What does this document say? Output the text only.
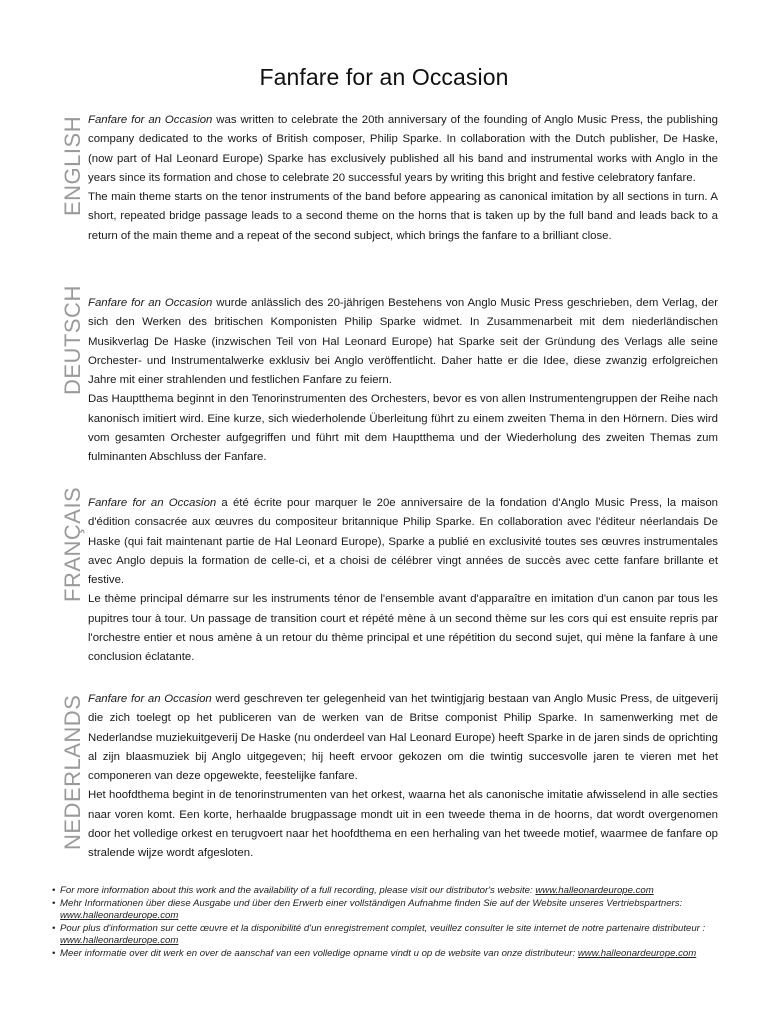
Fanfare for an Occasion
ENGLISH Fanfare for an Occasion was written to celebrate the 20th anniversary of the founding of Anglo Music Press, the publishing company dedicated to the works of British composer, Philip Sparke. In collaboration with the Dutch publisher, De Haske, (now part of Hal Leonard Europe) Sparke has exclusively published all his band and instrumental works with Anglo in the years since its formation and chose to celebrate 20 successful years by writing this bright and festive celebratory fanfare.

The main theme starts on the tenor instruments of the band before appearing as canonical imitation by all sections in turn. A short, repeated bridge passage leads to a second theme on the horns that is taken up by the full band and leads back to a return of the main theme and a repeat of the second subject, which brings the fanfare to a brilliant close.

DEUTSCH Fanfare for an Occasion wurde anlässlich des 20-jährigen Bestehens von Anglo Music Press geschrieben, dem Verlag, der sich den Werken des britischen Komponisten Philip Sparke widmet. In Zusammenarbeit mit dem niederländischen Musikverlag De Haske (inzwischen Teil von Hal Leonard Europe) hat Sparke seit der Gründung des Verlags alle seine Orchester- und Instrumentalwerke exklusiv bei Anglo veröffentlicht. Daher hatte er die Idee, diese zwanzig erfolgreichen Jahre mit einer strahlenden und festlichen Fanfare zu feiern.

Das Hauptthema beginnt in den Tenorinstrumenten des Orchesters, bevor es von allen Instrumentengruppen der Reihe nach kanonisch imitiert wird. Eine kurze, sich wiederholende Überleitung führt zu einem zweiten Thema in den Hörnern. Dies wird vom gesamten Orchester aufgegriffen und führt mit dem Hauptthema und der Wiederholung des zweiten Themas zum fulminanten Abschluss der Fanfare.

FRANÇAIS Fanfare for an Occasion a été écrite pour marquer le 20e anniversaire de la fondation d'Anglo Music Press, la maison d'édition consacrée aux œuvres du compositeur britannique Philip Sparke. En collaboration avec l'éditeur néerlandais De Haske (qui fait maintenant partie de Hal Leonard Europe), Sparke a publié en exclusivité toutes ses œuvres instrumentales avec Anglo depuis la formation de celle-ci, et a choisi de célébrer vingt années de succès avec cette fanfare brillante et festive.

Le thème principal démarre sur les instruments ténor de l'ensemble avant d'apparaître en imitation d'un canon par tous les pupitres tour à tour. Un passage de transition court et répété mène à un second thème sur les cors qui est ensuite repris par l'orchestre entier et nous amène à un retour du thème principal et une répétition du second sujet, qui mène la fanfare à une conclusion éclatante.

NEDERLANDS Fanfare for an Occasion werd geschreven ter gelegenheid van het twintigjarig bestaan van Anglo Music Press, de uitgeverij die zich toelegt op het publiceren van de werken van de Britse componist Philip Sparke. In samenwerking met de Nederlandse muziekuitgeverij De Haske (nu onderdeel van Hal Leonard Europe) heeft Sparke in de jaren sinds de oprichting al zijn blaasmuziek bij Anglo uitgegeven; hij heeft ervoor gekozen om die twintig succesvolle jaren te vieren met het componeren van deze opgewekte, feestelijke fanfare.

Het hoofdthema begint in de tenorinstrumenten van het orkest, waarna het als canonische imitatie afwisselend in alle secties naar voren komt. Een korte, herhaalde brugpassage mondt uit in een tweede thema in de hoorns, dat wordt overgenomen door het volledige orkest en terugvoert naar het hoofdthema en een herhaling van het tweede motief, waarmee de fanfare op stralende wijze wordt afgesloten.

• For more information about this work and the availability of a full recording, please visit our distributor's website: www.halleonardeurope.com
• Mehr Informationen über diese Ausgabe und über den Erwerb einer vollständigen Aufnahme finden Sie auf der Website unseres Vertriebspartners: www.halleonardeurope.com
• Pour plus d'information sur cette œuvre et la disponibilité d'un enregistrement complet, veuillez consulter le site internet de notre partenaire distributeur : www.halleonardeurope.com
• Meer informatie over dit werk en over de aanschaf van een volledige opname vindt u op de website van onze distributeur: www.halleonardeurope.com
